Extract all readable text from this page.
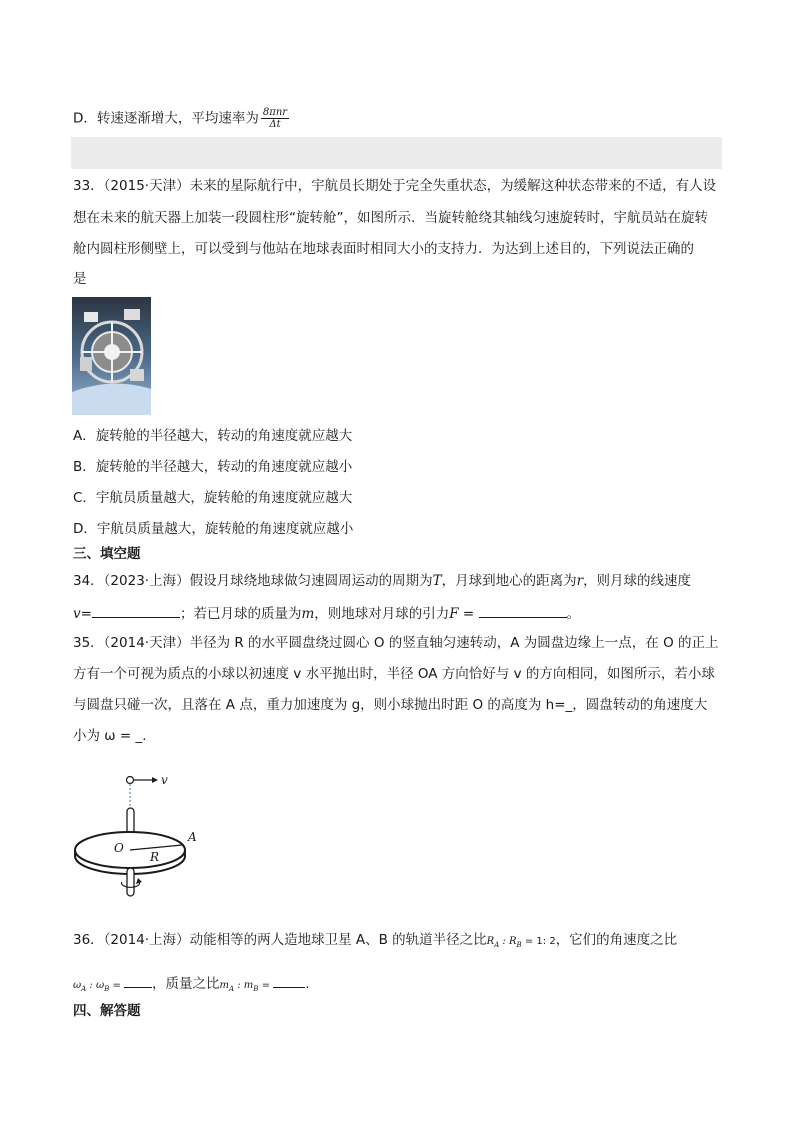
D．转速逐渐增大，平均速率为 $\frac{\text{8πnr}}{\Delta t}$
33．（2015·天津）未来的星际航行中，宇航员长期处于完全失重状态，为缓解这种状态带来的不适，有人设
想在未来的航天器上加装一段圆柱形“旋转舱”，如图所示．当旋转舱绕其轴线匀速旋转时，宇航员站在旋转
舱内圆柱形侧壁上，可以受到与他站在地球表面时相同大小的支持力．为达到上述目的，下列说法正确的
是
A．旋转舱的半径越大，转动的角速度就应越大
B．旋转舱的半径越大，转动的角速度就应越小
C．宇航员质量越大，旋转舱的角速度就应越大
D．宇航员质量越大，旋转舱的角速度就应越小
三、填空题
34．（2023·上海）假设月球绕地球做匀速圆周运动的周期为T，月球到地心的距离为r，则月球的线速度
v=	；若已月球的质量为m，则地球对月球的引力F =	。
35．（2014·天津）半径为 R 的水平圆盘绕过圆心 O 的竖直轴匀速转动，A 为圆盘边缘上一点，在 O 的正上
方有一个可视为质点的小球以初速度 v 水平抛出时，半径 OA 方向恰好与 v 的方向相同，如图所示，若小球
与圆盘只碰一次，且落在 A 点，重力加速度为 g，则小球抛出时距 O 的高度为 h=_，圆盘转动的角速度大
小为 ω = _.
v
O
R
A
36．（2014·上海）动能相等的两人造地球卫星 A、B 的轨道半径之比$R_A$ : $R_B = 1$: 2，它们的角速度之比
$\omega_A$ : $\omega_B$ = ，质量之比$m_A$ : $m_B$ = .
四、解答题
